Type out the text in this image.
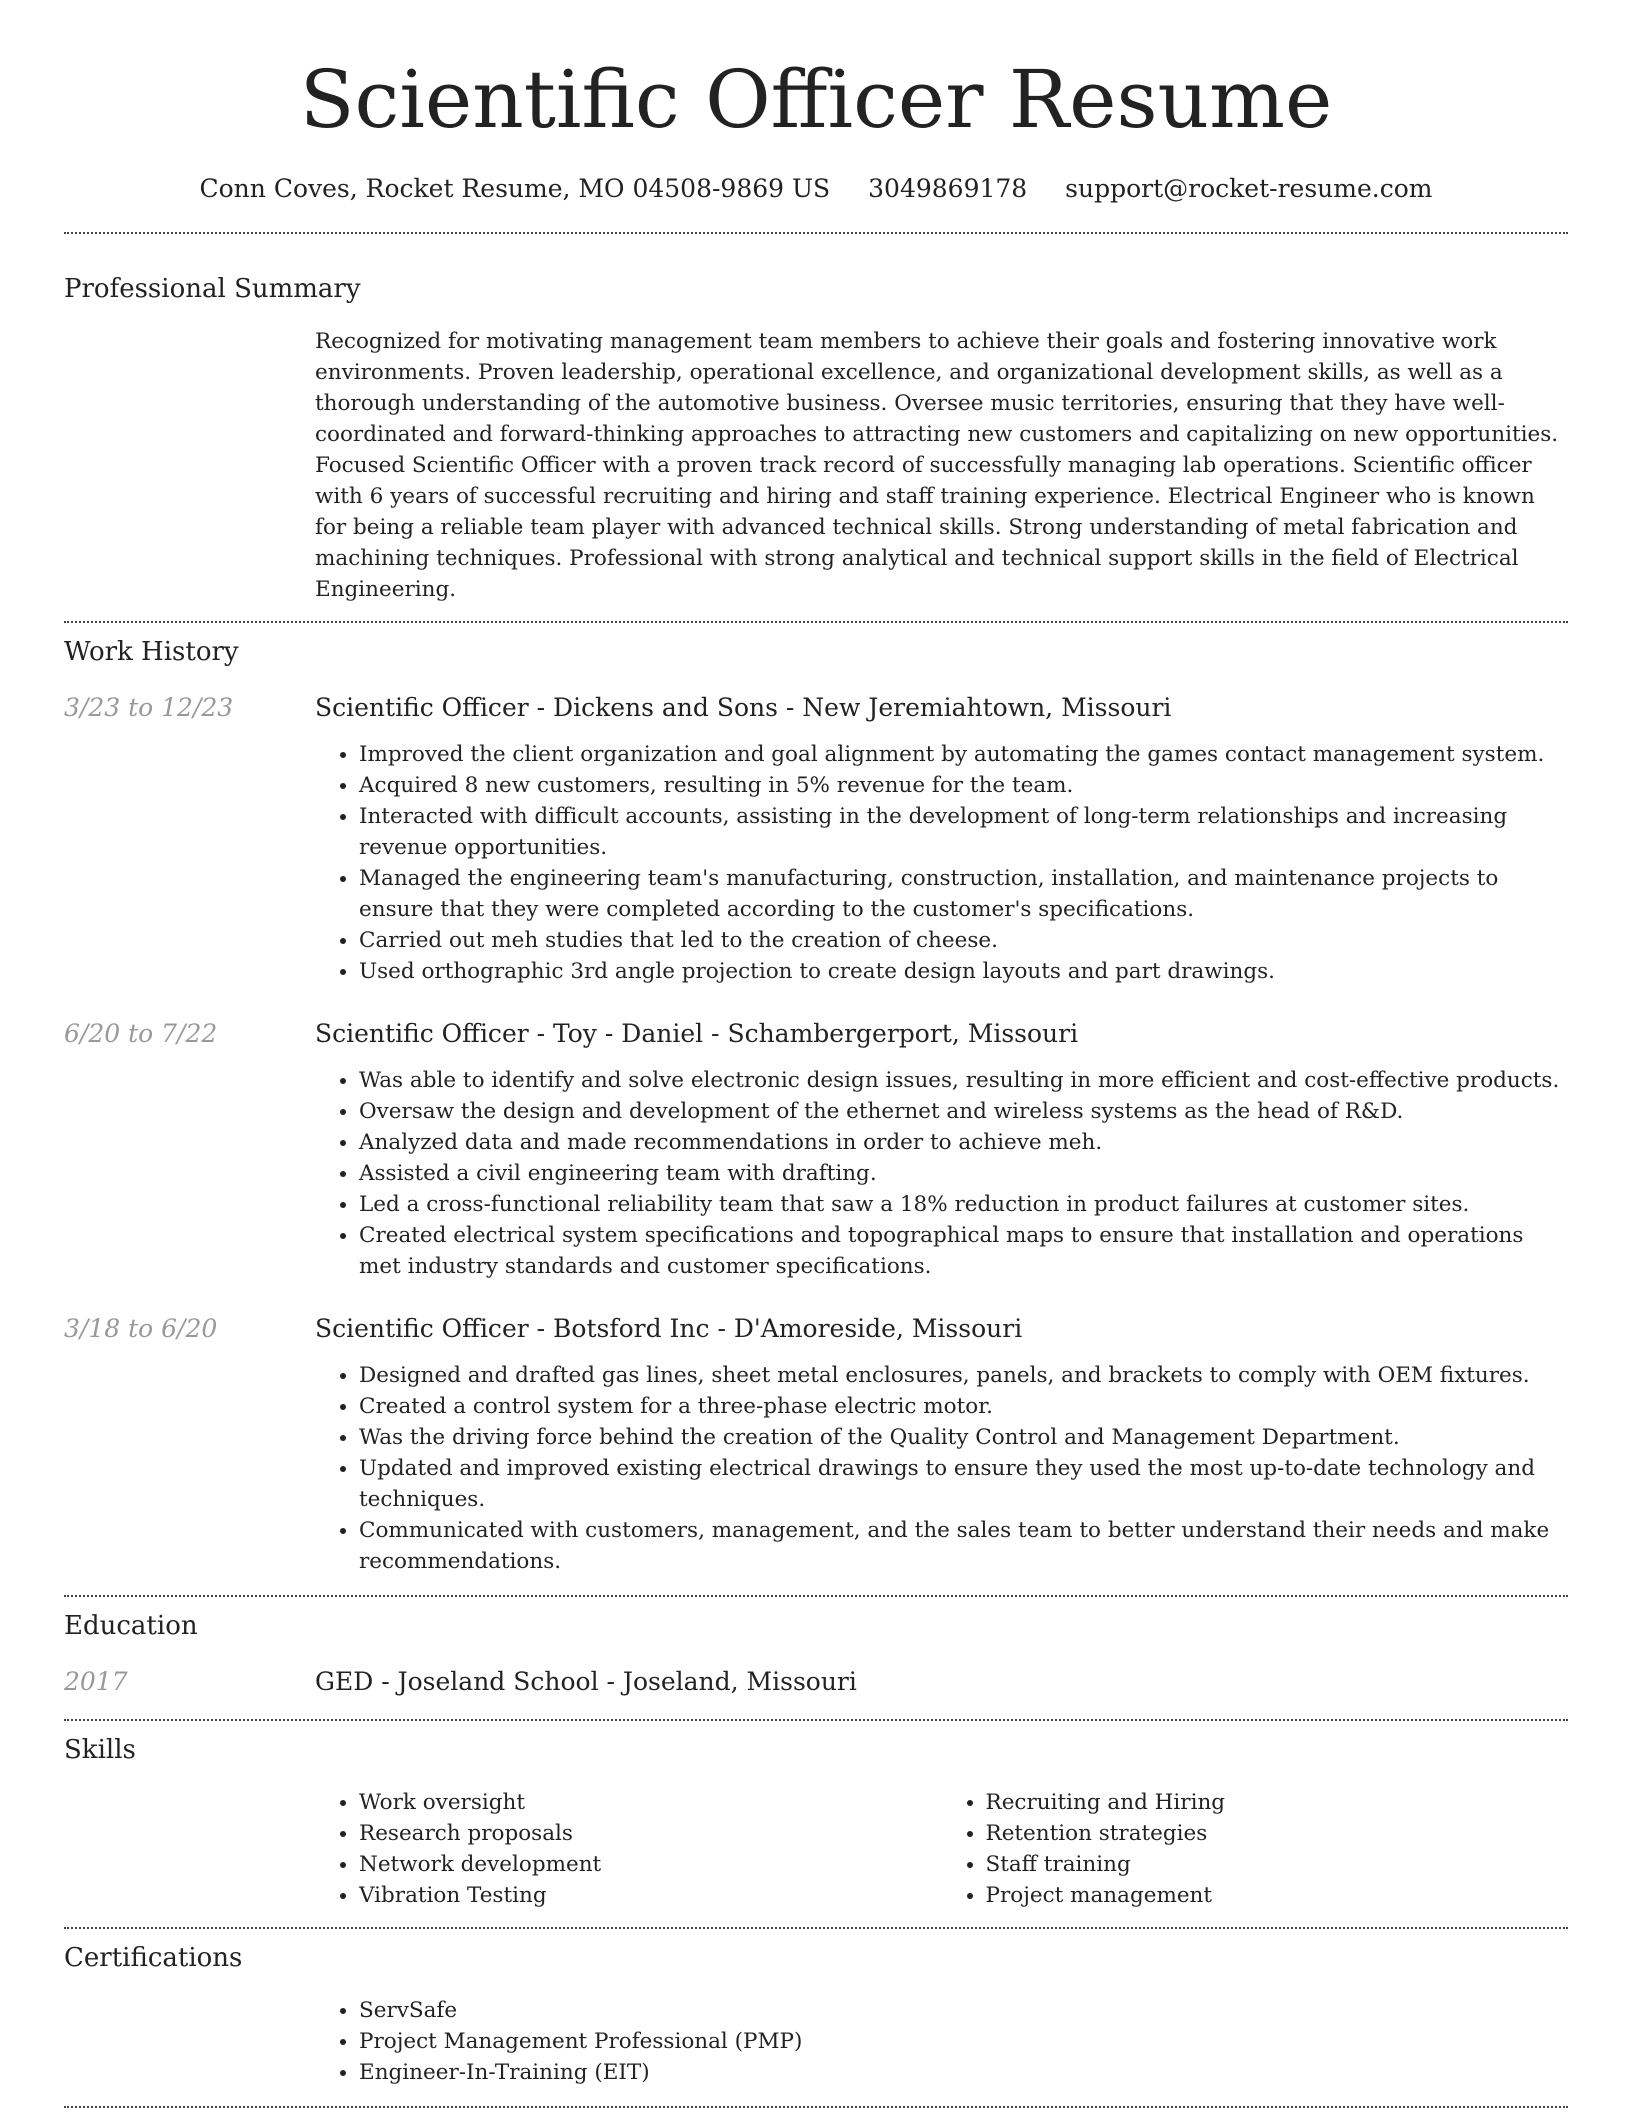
Scientific Officer Resume
Conn Coves, Rocket Resume, MO 04508-9869 US 3049869178 support@rocket-resume.com
Professional Summary
Recognized for motivating management team members to achieve their goals and fostering innovative work environments. Proven leadership, operational excellence, and organizational development skills, as well as a thorough understanding of the automotive business. Oversee music territories, ensuring that they have well-coordinated and forward-thinking approaches to attracting new customers and capitalizing on new opportunities. Focused Scientific Officer with a proven track record of successfully managing lab operations. Scientific officer with 6 years of successful recruiting and hiring and staff training experience. Electrical Engineer who is known for being a reliable team player with advanced technical skills. Strong understanding of metal fabrication and machining techniques. Professional with strong analytical and technical support skills in the field of Electrical Engineering.
Work History
3/23 to 12/23	Scientific Officer - Dickens and Sons - New Jeremiahtown, Missouri
• Improved the client organization and goal alignment by automating the games contact management system.
• Acquired 8 new customers, resulting in 5% revenue for the team.
• Interacted with difficult accounts, assisting in the development of long-term relationships and increasing revenue opportunities.
• Managed the engineering team's manufacturing, construction, installation, and maintenance projects to ensure that they were completed according to the customer's specifications.
• Carried out meh studies that led to the creation of cheese.
• Used orthographic 3rd angle projection to create design layouts and part drawings.
6/20 to 7/22	Scientific Officer - Toy - Daniel - Schambergerport, Missouri
• Was able to identify and solve electronic design issues, resulting in more efficient and cost-effective products.
• Oversaw the design and development of the ethernet and wireless systems as the head of R&D.
• Analyzed data and made recommendations in order to achieve meh.
• Assisted a civil engineering team with drafting.
• Led a cross-functional reliability team that saw a 18% reduction in product failures at customer sites.
• Created electrical system specifications and topographical maps to ensure that installation and operations met industry standards and customer specifications.
3/18 to 6/20	Scientific Officer - Botsford Inc - D'Amoreside, Missouri
• Designed and drafted gas lines, sheet metal enclosures, panels, and brackets to comply with OEM fixtures.
• Created a control system for a three-phase electric motor.
• Was the driving force behind the creation of the Quality Control and Management Department.
• Updated and improved existing electrical drawings to ensure they used the most up-to-date technology and techniques.
• Communicated with customers, management, and the sales team to better understand their needs and make recommendations.
Education
2017	GED - Joseland School - Joseland, Missouri
Skills
• Work oversight
• Research proposals
• Network development
• Vibration Testing
• Recruiting and Hiring
• Retention strategies
• Staff training
• Project management
Certifications
• ServSafe
• Project Management Professional (PMP)
• Engineer-In-Training (EIT)
